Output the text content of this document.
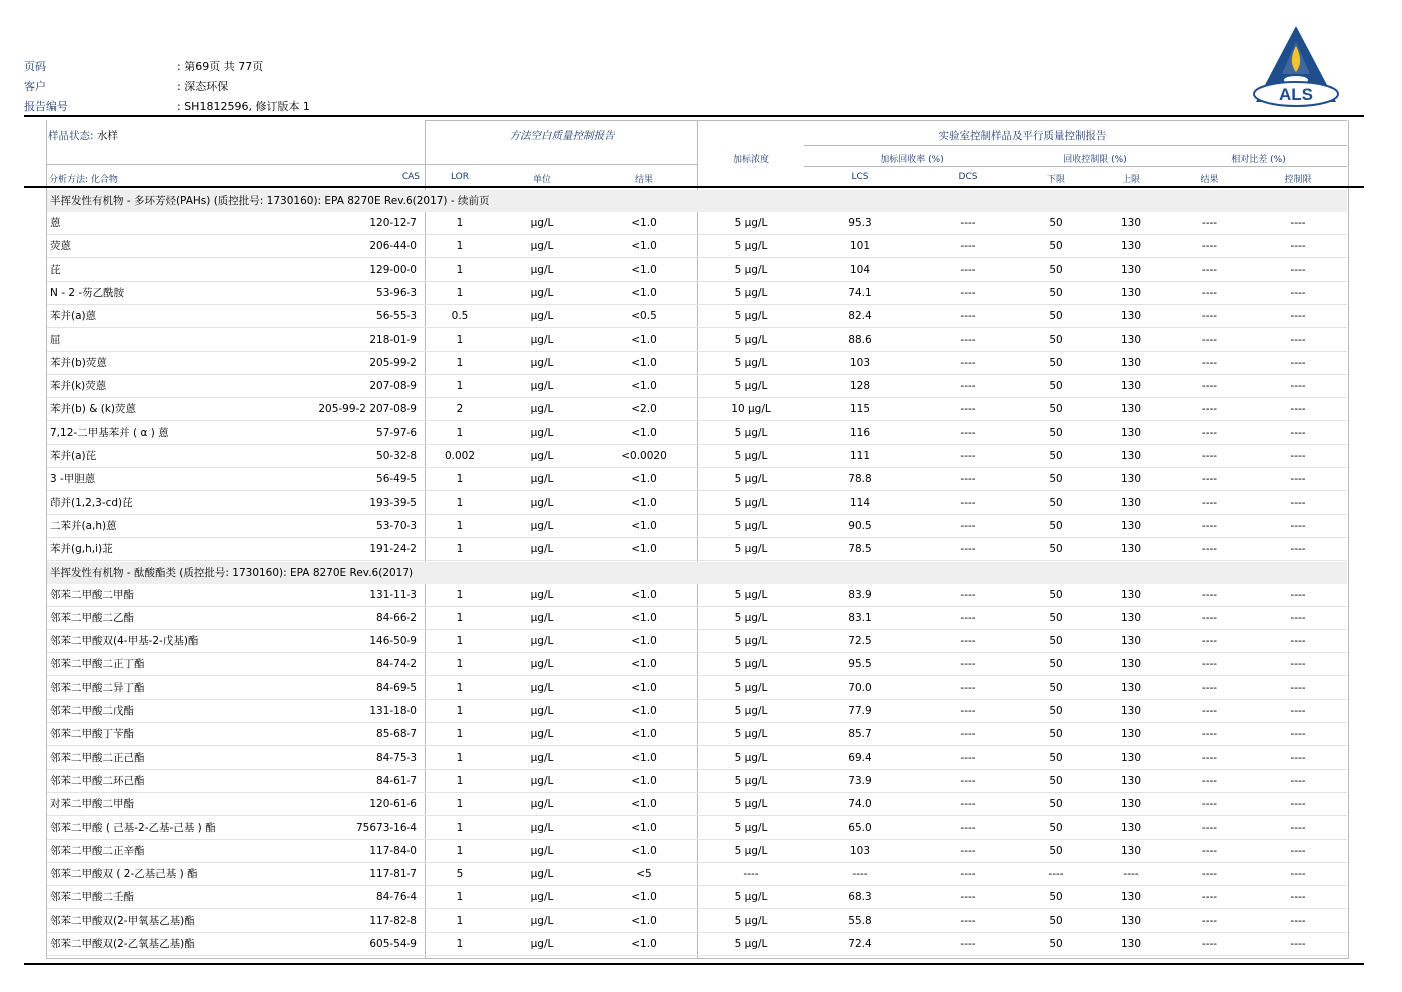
页码	: 第69页 共 77页
客户	: 深态环保
报告编号	: SH1812596, 修订版本 1
ALS
样品状态: 水样	方法空白质量控制报告	实验室控制样品及平行质量控制报告
加标浓度	加标回收率 (%)	回收控制限 (%)	相对比差 (%)
分析方法: 化合物	CAS	LOR	单位	结果	LCS	DCS	下限	上限	结果	控制限
半挥发性有机物 - 多环芳烃(PAHs) (质控批号: 1730160): EPA 8270E Rev.6(2017) - 续前页
蒽	120-12-7	1	µg/L	<1.0	5 µg/L	95.3	----	50	130	----	----
荧蒽	206-44-0	1	µg/L	<1.0	5 µg/L	101	----	50	130	----	----
芘	129-00-0	1	µg/L	<1.0	5 µg/L	104	----	50	130	----	----
N - 2 -芴乙酰胺	53-96-3	1	µg/L	<1.0	5 µg/L	74.1	----	50	130	----	----
苯并(a)蒽	56-55-3	0.5	µg/L	<0.5	5 µg/L	82.4	----	50	130	----	----
屈	218-01-9	1	µg/L	<1.0	5 µg/L	88.6	----	50	130	----	----
苯并(b)荧蒽	205-99-2	1	µg/L	<1.0	5 µg/L	103	----	50	130	----	----
苯并(k)荧蒽	207-08-9	1	µg/L	<1.0	5 µg/L	128	----	50	130	----	----
苯并(b) & (k)荧蒽	205-99-2 207-08-9	2	µg/L	<2.0	10 µg/L	115	----	50	130	----	----
7,12-二甲基苯并 ( α ) 蒽	57-97-6	1	µg/L	<1.0	5 µg/L	116	----	50	130	----	----
苯并(a)芘	50-32-8	0.002	µg/L	<0.0020	5 µg/L	111	----	50	130	----	----
3 -甲胆蒽	56-49-5	1	µg/L	<1.0	5 µg/L	78.8	----	50	130	----	----
茚并(1,2,3-cd)芘	193-39-5	1	µg/L	<1.0	5 µg/L	114	----	50	130	----	----
二苯并(a,h)蒽	53-70-3	1	µg/L	<1.0	5 µg/L	90.5	----	50	130	----	----
苯并(g,h,i)苝	191-24-2	1	µg/L	<1.0	5 µg/L	78.5	----	50	130	----	----
半挥发性有机物 - 酞酸酯类 (质控批号: 1730160): EPA 8270E Rev.6(2017)
邻苯二甲酸二甲酯	131-11-3	1	µg/L	<1.0	5 µg/L	83.9	----	50	130	----	----
邻苯二甲酸二乙酯	84-66-2	1	µg/L	<1.0	5 µg/L	83.1	----	50	130	----	----
邻苯二甲酸双(4-甲基-2-戊基)酯	146-50-9	1	µg/L	<1.0	5 µg/L	72.5	----	50	130	----	----
邻苯二甲酸二正丁酯	84-74-2	1	µg/L	<1.0	5 µg/L	95.5	----	50	130	----	----
邻苯二甲酸二异丁酯	84-69-5	1	µg/L	<1.0	5 µg/L	70.0	----	50	130	----	----
邻苯二甲酸二戊酯	131-18-0	1	µg/L	<1.0	5 µg/L	77.9	----	50	130	----	----
邻苯二甲酸丁苄酯	85-68-7	1	µg/L	<1.0	5 µg/L	85.7	----	50	130	----	----
邻苯二甲酸二正己酯	84-75-3	1	µg/L	<1.0	5 µg/L	69.4	----	50	130	----	----
邻苯二甲酸二环己酯	84-61-7	1	µg/L	<1.0	5 µg/L	73.9	----	50	130	----	----
对苯二甲酸二甲酯	120-61-6	1	µg/L	<1.0	5 µg/L	74.0	----	50	130	----	----
邻苯二甲酸 ( 己基-2-乙基-己基 ) 酯	75673-16-4	1	µg/L	<1.0	5 µg/L	65.0	----	50	130	----	----
邻苯二甲酸二正辛酯	117-84-0	1	µg/L	<1.0	5 µg/L	103	----	50	130	----	----
邻苯二甲酸双 ( 2-乙基己基 ) 酯	117-81-7	5	µg/L	<5	----	----	----	----	----	----	----
邻苯二甲酸二壬酯	84-76-4	1	µg/L	<1.0	5 µg/L	68.3	----	50	130	----	----
邻苯二甲酸双(2-甲氧基乙基)酯	117-82-8	1	µg/L	<1.0	5 µg/L	55.8	----	50	130	----	----
邻苯二甲酸双(2-乙氧基乙基)酯	605-54-9	1	µg/L	<1.0	5 µg/L	72.4	----	50	130	----	----
